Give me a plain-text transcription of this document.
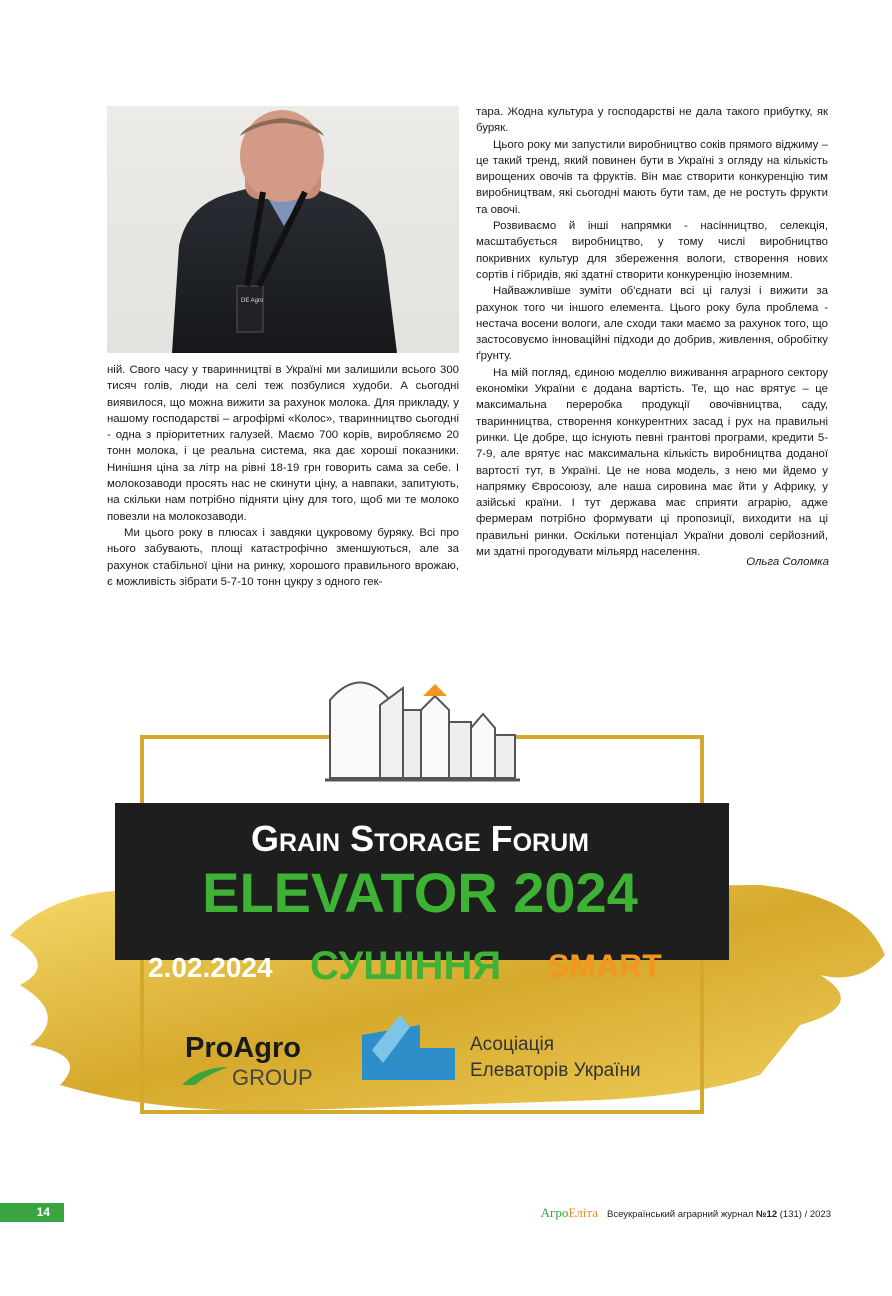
DE Agro

ній. Свого часу у тваринництві в Україні ми залишили всього 300 тисяч голів, люди на селі теж позбулися худоби. А сьогодні виявилося, що можна вижити за рахунок молока. Для прикладу, у нашому господарстві – агрофірмі «Колос», тваринництво сьогодні - одна з пріоритетних галузей. Маємо 700 корів, виробляємо 20 тонн молока, і це реальна система, яка дає хороші показники. Нинішня ціна за літр на рівні 18-19 грн говорить сама за себе. І молокозаводи просять нас не скинути ціну, а навпаки, запитують, на скільки нам потрібно підняти ціну для того, щоб ми те молоко повезли на молокозаводи.

Ми цього року в плюсах і завдяки цукровому буряку. Всі про нього забувають, площі катастрофічно зменшуються, але за рахунок стабільної ціни на ринку, хорошого правильного врожаю, є можливість зібрати 5-7-10 тонн цукру з одного гек-

тара. Жодна культура у господарстві не дала такого прибутку, як буряк.

Цього року ми запустили виробництво соків прямого віджиму – це такий тренд, який повинен бути в Україні з огляду на кількість вирощених овочів та фруктів. Він має створити конкуренцію тим виробництвам, які сьогодні мають бути там, де не ростуть фрукти та овочі.

Розвиваємо й інші напрямки - насінництво, селекція, масштабується виробництво, у тому числі виробництво покривних культур для збереження вологи, створення нових сортів і гібридів, які здатні створити конкуренцію іноземним.

Найважливіше зуміти об'єднати всі ці галузі і вижити за рахунок того чи іншого елемента. Цього року була проблема - нестача восени вологи, але сходи таки маємо за рахунок того, що застосовуємо інноваційні підходи до добрив, живлення, обробітку ґрунту.

На мій погляд, єдиною моделлю виживання аграрного сектору економіки України є додана вартість. Те, що нас врятує – це максимальна переробка продукції овочівництва, саду, тваринництва, створення конкурентних засад і рух на правильні ринки. Це добре, що існують певні грантові програми, кредити 5-7-9, але врятує нас максимальна кількість виробництва доданої вартості тут, в Україні. Це не нова модель, з нею ми йдемо у напрямку Євросоюзу, але наша сировина має йти у Африку, у азійські країни. І тут держава має сприяти аграрію, адже фермерам потрібно формувати ці пропозиції, виходити на ці правильні ринки. Оскільки потенціал України доволі серйозний, ми здатні прогодувати мільярд населення.

Ольга Соломка
Grain Storage Forum
ELEVATOR 2024
2.02.2024 СУШІННЯ SMART
ProAgro
GROUP
Асоціація
Елеваторів України
14	АгроЕліта Всеукраїнський аграрний журнал №12 (131) / 2023
